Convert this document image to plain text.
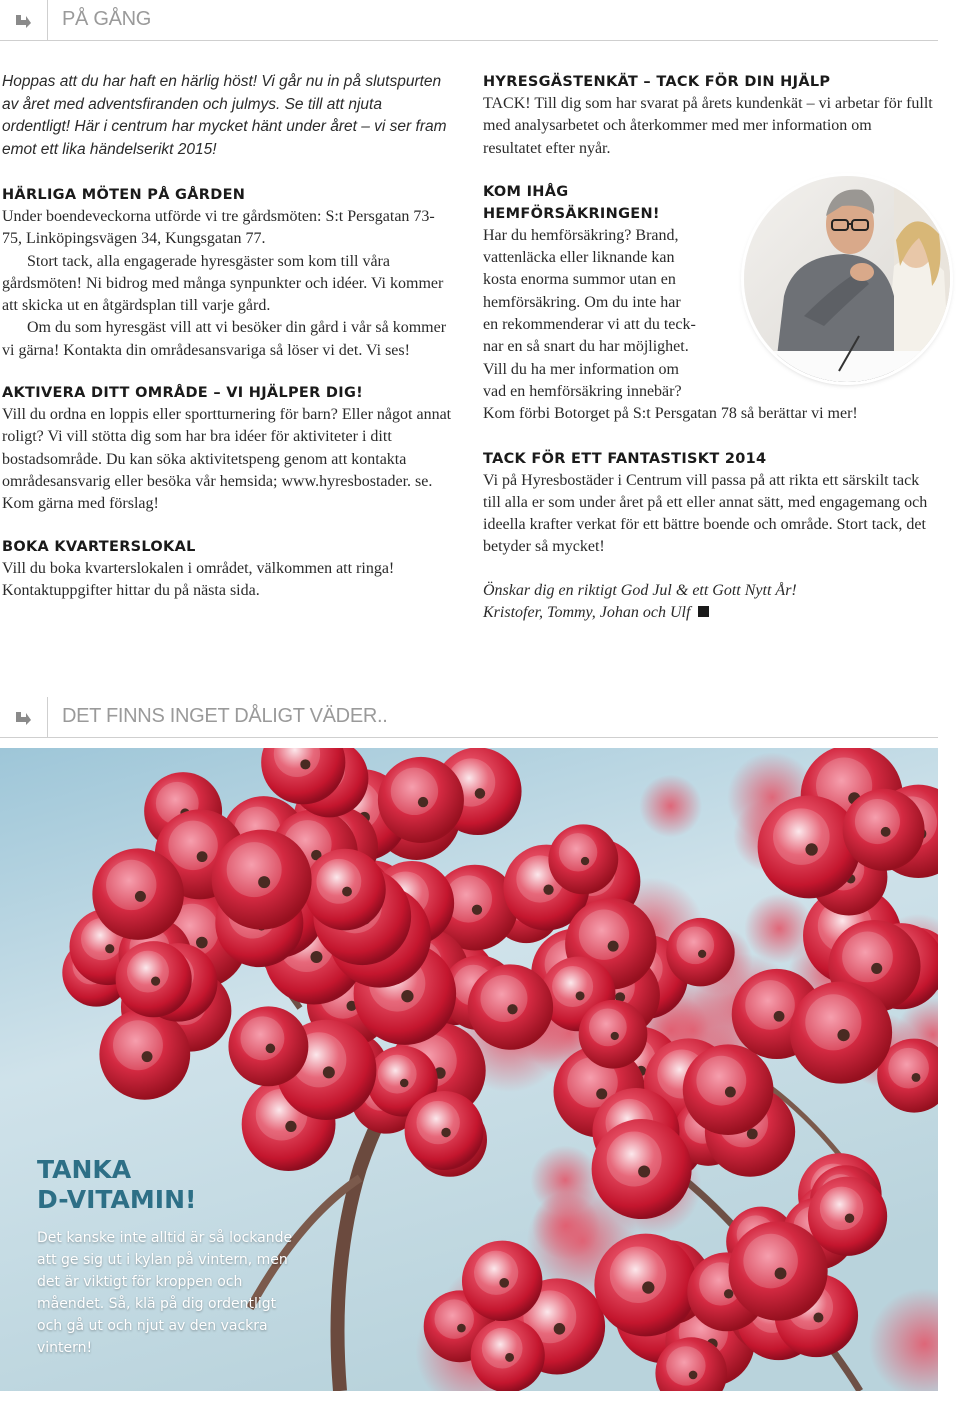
PÅ GÅNG

Hoppas att du har haft en härlig höst! Vi går nu in på slutspurten av året med adventsfiranden och julmys. Se till att njuta ordentligt! Här i centrum har mycket hänt under året – vi ser fram emot ett lika händelserikt 2015!

HÄRLIGA MÖTEN PÅ GÅRDEN

Under boendeveckorna utförde vi tre gårdsmöten: S:t Persgatan 73-75, Linköpingsvägen 34, Kungsgatan 77.

Stort tack, alla engagerade hyresgäster som kom till våra gårdsmöten! Ni bidrog med många synpunkter och idéer. Vi kommer att skicka ut en åtgärdsplan till varje gård.

Om du som hyresgäst vill att vi besöker din gård i vår så kommer vi gärna! Kontakta din områdesansvariga så löser vi det. Vi ses!

AKTIVERA DITT OMRÅDE – VI HJÄLPER DIG!

Vill du ordna en loppis eller sportturnering för barn? Eller något annat roligt? Vi vill stötta dig som har bra idéer för aktiviteter i ditt bostadsområde. Du kan söka aktivitetspeng genom att kontakta områdesansvarig eller besöka vår hemsida; www.hyresbostader. se. Kom gärna med förslag!

BOKA KVARTERSLOKAL

Vill du boka kvarterslokalen i området, välkommen att ringa! Kontaktuppgifter hittar du på nästa sida.

HYRESGÄSTENKÄT – TACK FÖR DIN HJÄLP

TACK! Till dig som har svarat på årets kundenkät – vi arbetar för fullt med analysarbetet och återkommer med mer information om resultatet efter nyår.

KOM IHÅG
HEMFÖRSÄKRINGEN!
Har du hemförsäkring? Brand,
vattenläcka eller liknande kan
kosta enorma summor utan en
hemförsäkring. Om du inte har
en rekommenderar vi att du teck-
nar en så snart du har möjlighet.
Vill du ha mer information om
vad en hemförsäkring innebär?
Kom förbi Botorget på S:t Persgatan 78 så berättar vi mer!
TACK FÖR ETT FANTASTISKT 2014

Vi på Hyresbostäder i Centrum vill passa på att rikta ett särskilt tack till alla er som under året på ett eller annat sätt, med engagemang och ideella krafter verkat för ett bättre boende och område. Stort tack, det betyder så mycket!

Önskar dig en riktigt God Jul & ett Gott Nytt År!

Kristofer, Tommy, Johan och Ulf

DET FINNS INGET DÅLIGT VÄDER..
TANKA
D-VITAMIN!
Det kanske inte alltid är så lockande att ge sig ut i kylan på vintern, men det är viktigt för kroppen och måendet. Så, klä på dig ordentligt och gå ut och njut av den vackra vintern!
